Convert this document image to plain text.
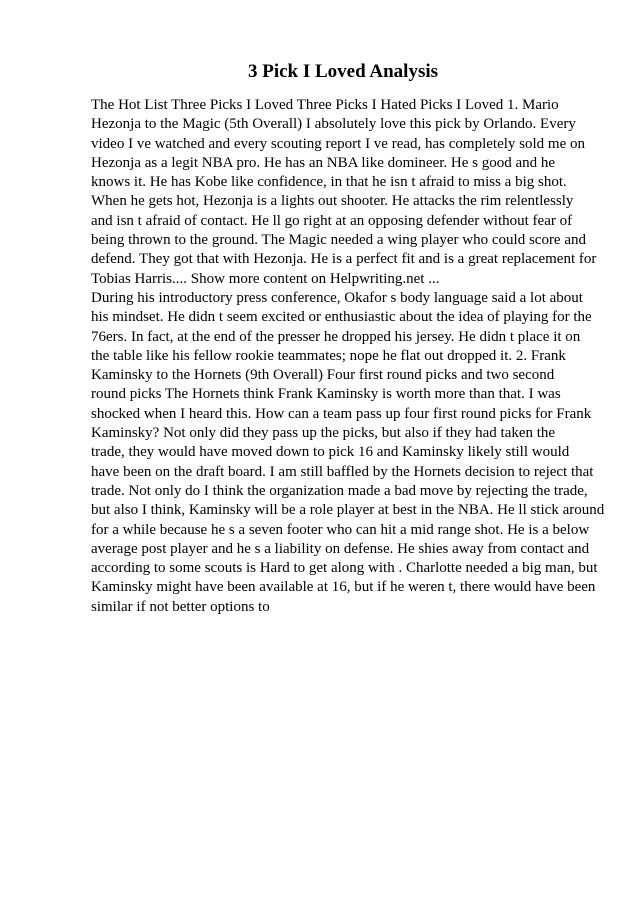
3 Pick I Loved Analysis
The Hot List Three Picks I Loved Three Picks I Hated Picks I Loved 1. Mario
Hezonja to the Magic (5th Overall) I absolutely love this pick by Orlando. Every
video I ve watched and every scouting report I ve read, has completely sold me on
Hezonja as a legit NBA pro. He has an NBA like domineer. He s good and he
knows it. He has Kobe like confidence, in that he isn t afraid to miss a big shot.
When he gets hot, Hezonja is a lights out shooter. He attacks the rim relentlessly
and isn t afraid of contact. He ll go right at an opposing defender without fear of
being thrown to the ground. The Magic needed a wing player who could score and
defend. They got that with Hezonja. He is a perfect fit and is a great replacement for
Tobias Harris.... Show more content on Helpwriting.net ...
During his introductory press conference, Okafor s body language said a lot about
his mindset. He didn t seem excited or enthusiastic about the idea of playing for the
76ers. In fact, at the end of the presser he dropped his jersey. He didn t place it on
the table like his fellow rookie teammates; nope he flat out dropped it. 2. Frank
Kaminsky to the Hornets (9th Overall) Four first round picks and two second
round picks The Hornets think Frank Kaminsky is worth more than that. I was
shocked when I heard this. How can a team pass up four first round picks for Frank
Kaminsky? Not only did they pass up the picks, but also if they had taken the
trade, they would have moved down to pick 16 and Kaminsky likely still would
have been on the draft board. I am still baffled by the Hornets decision to reject that
trade. Not only do I think the organization made a bad move by rejecting the trade,
but also I think, Kaminsky will be a role player at best in the NBA. He ll stick around
for a while because he s a seven footer who can hit a mid range shot. He is a below
average post player and he s a liability on defense. He shies away from contact and
according to some scouts is Hard to get along with . Charlotte needed a big man, but
Kaminsky might have been available at 16, but if he weren t, there would have been
similar if not better options to
